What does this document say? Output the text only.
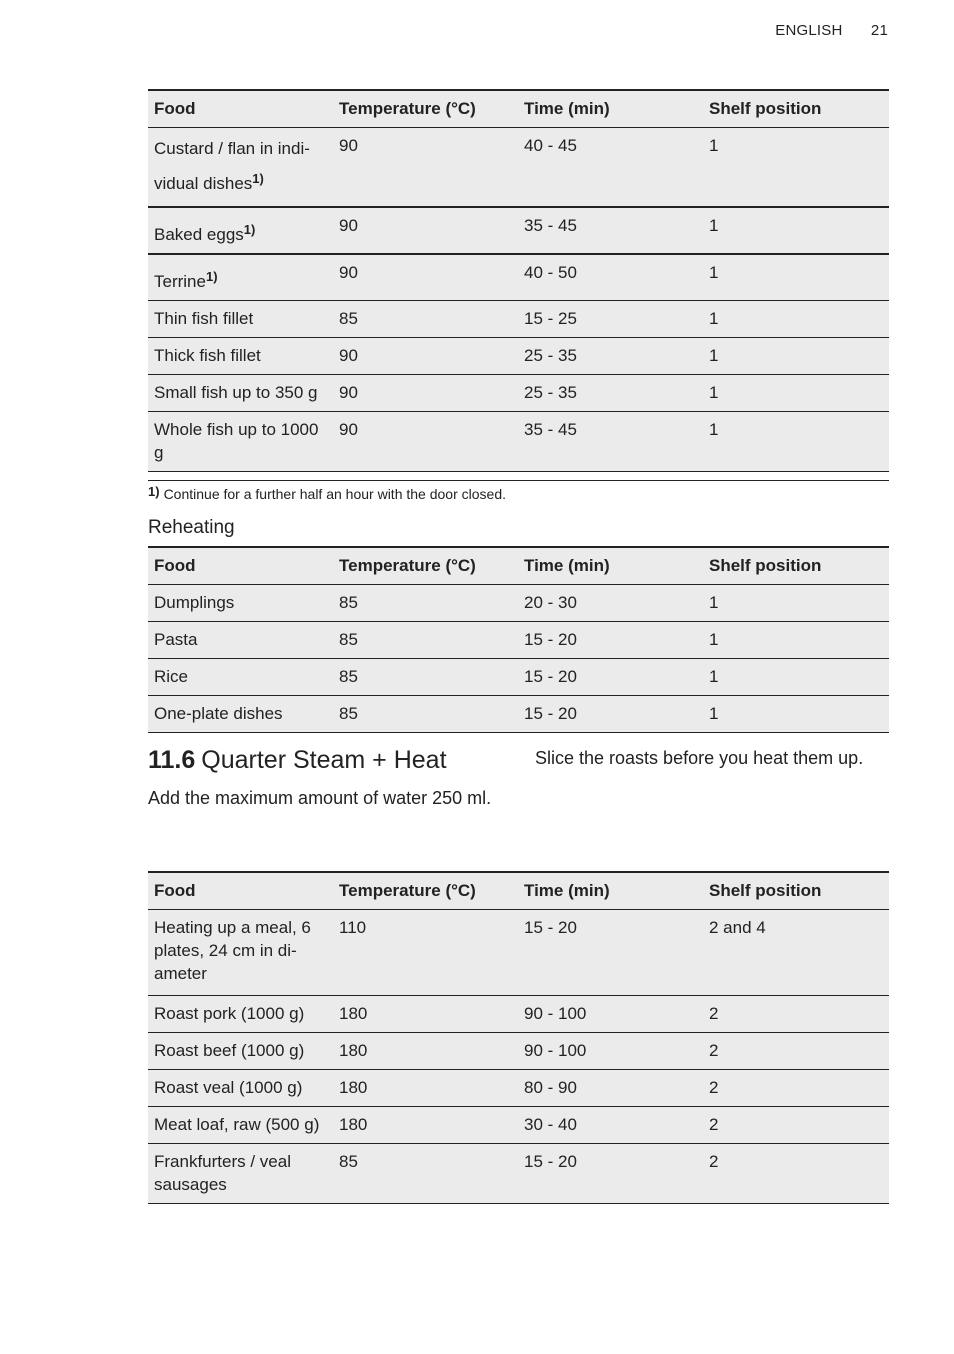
ENGLISH 21
Food	Temperature (°C)	Time (min)	Shelf position
Custard / flan in indi- vidual dishes$^{1)}$	90	40 - 45	1
Baked eggs$^{1)}$	90	35 - 45	1
Terrine$^{1)}$	90	40 - 50	1
Thin fish fillet	85	15 - 25	1
Thick fish fillet	90	25 - 35	1
Small fish up to 350 g	90	25 - 35	1
Whole fish up to 1000 g	90	35 - 45	1
1) Continue for a further half an hour with the door closed.
Reheating
Food	Temperature (°C)	Time (min)	Shelf position
Dumplings	85	20 - 30	1
Pasta	85	15 - 20	1
Rice	85	15 - 20	1
One-plate dishes	85	15 - 20	1
11.6 Quarter Steam + Heat
Add the maximum amount of water 250 ml.
Slice the roasts before you heat them up.
Food	Temperature (°C)	Time (min)	Shelf position
Heating up a meal, 6 plates, 24 cm in di- ameter	110	15 - 20	2 and 4
Roast pork (1000 g)	180	90 - 100	2
Roast beef (1000 g)	180	90 - 100	2
Roast veal (1000 g)	180	80 - 90	2
Meat loaf, raw (500 g)	180	30 - 40	2
Frankfurters / veal sausages	85	15 - 20	2
